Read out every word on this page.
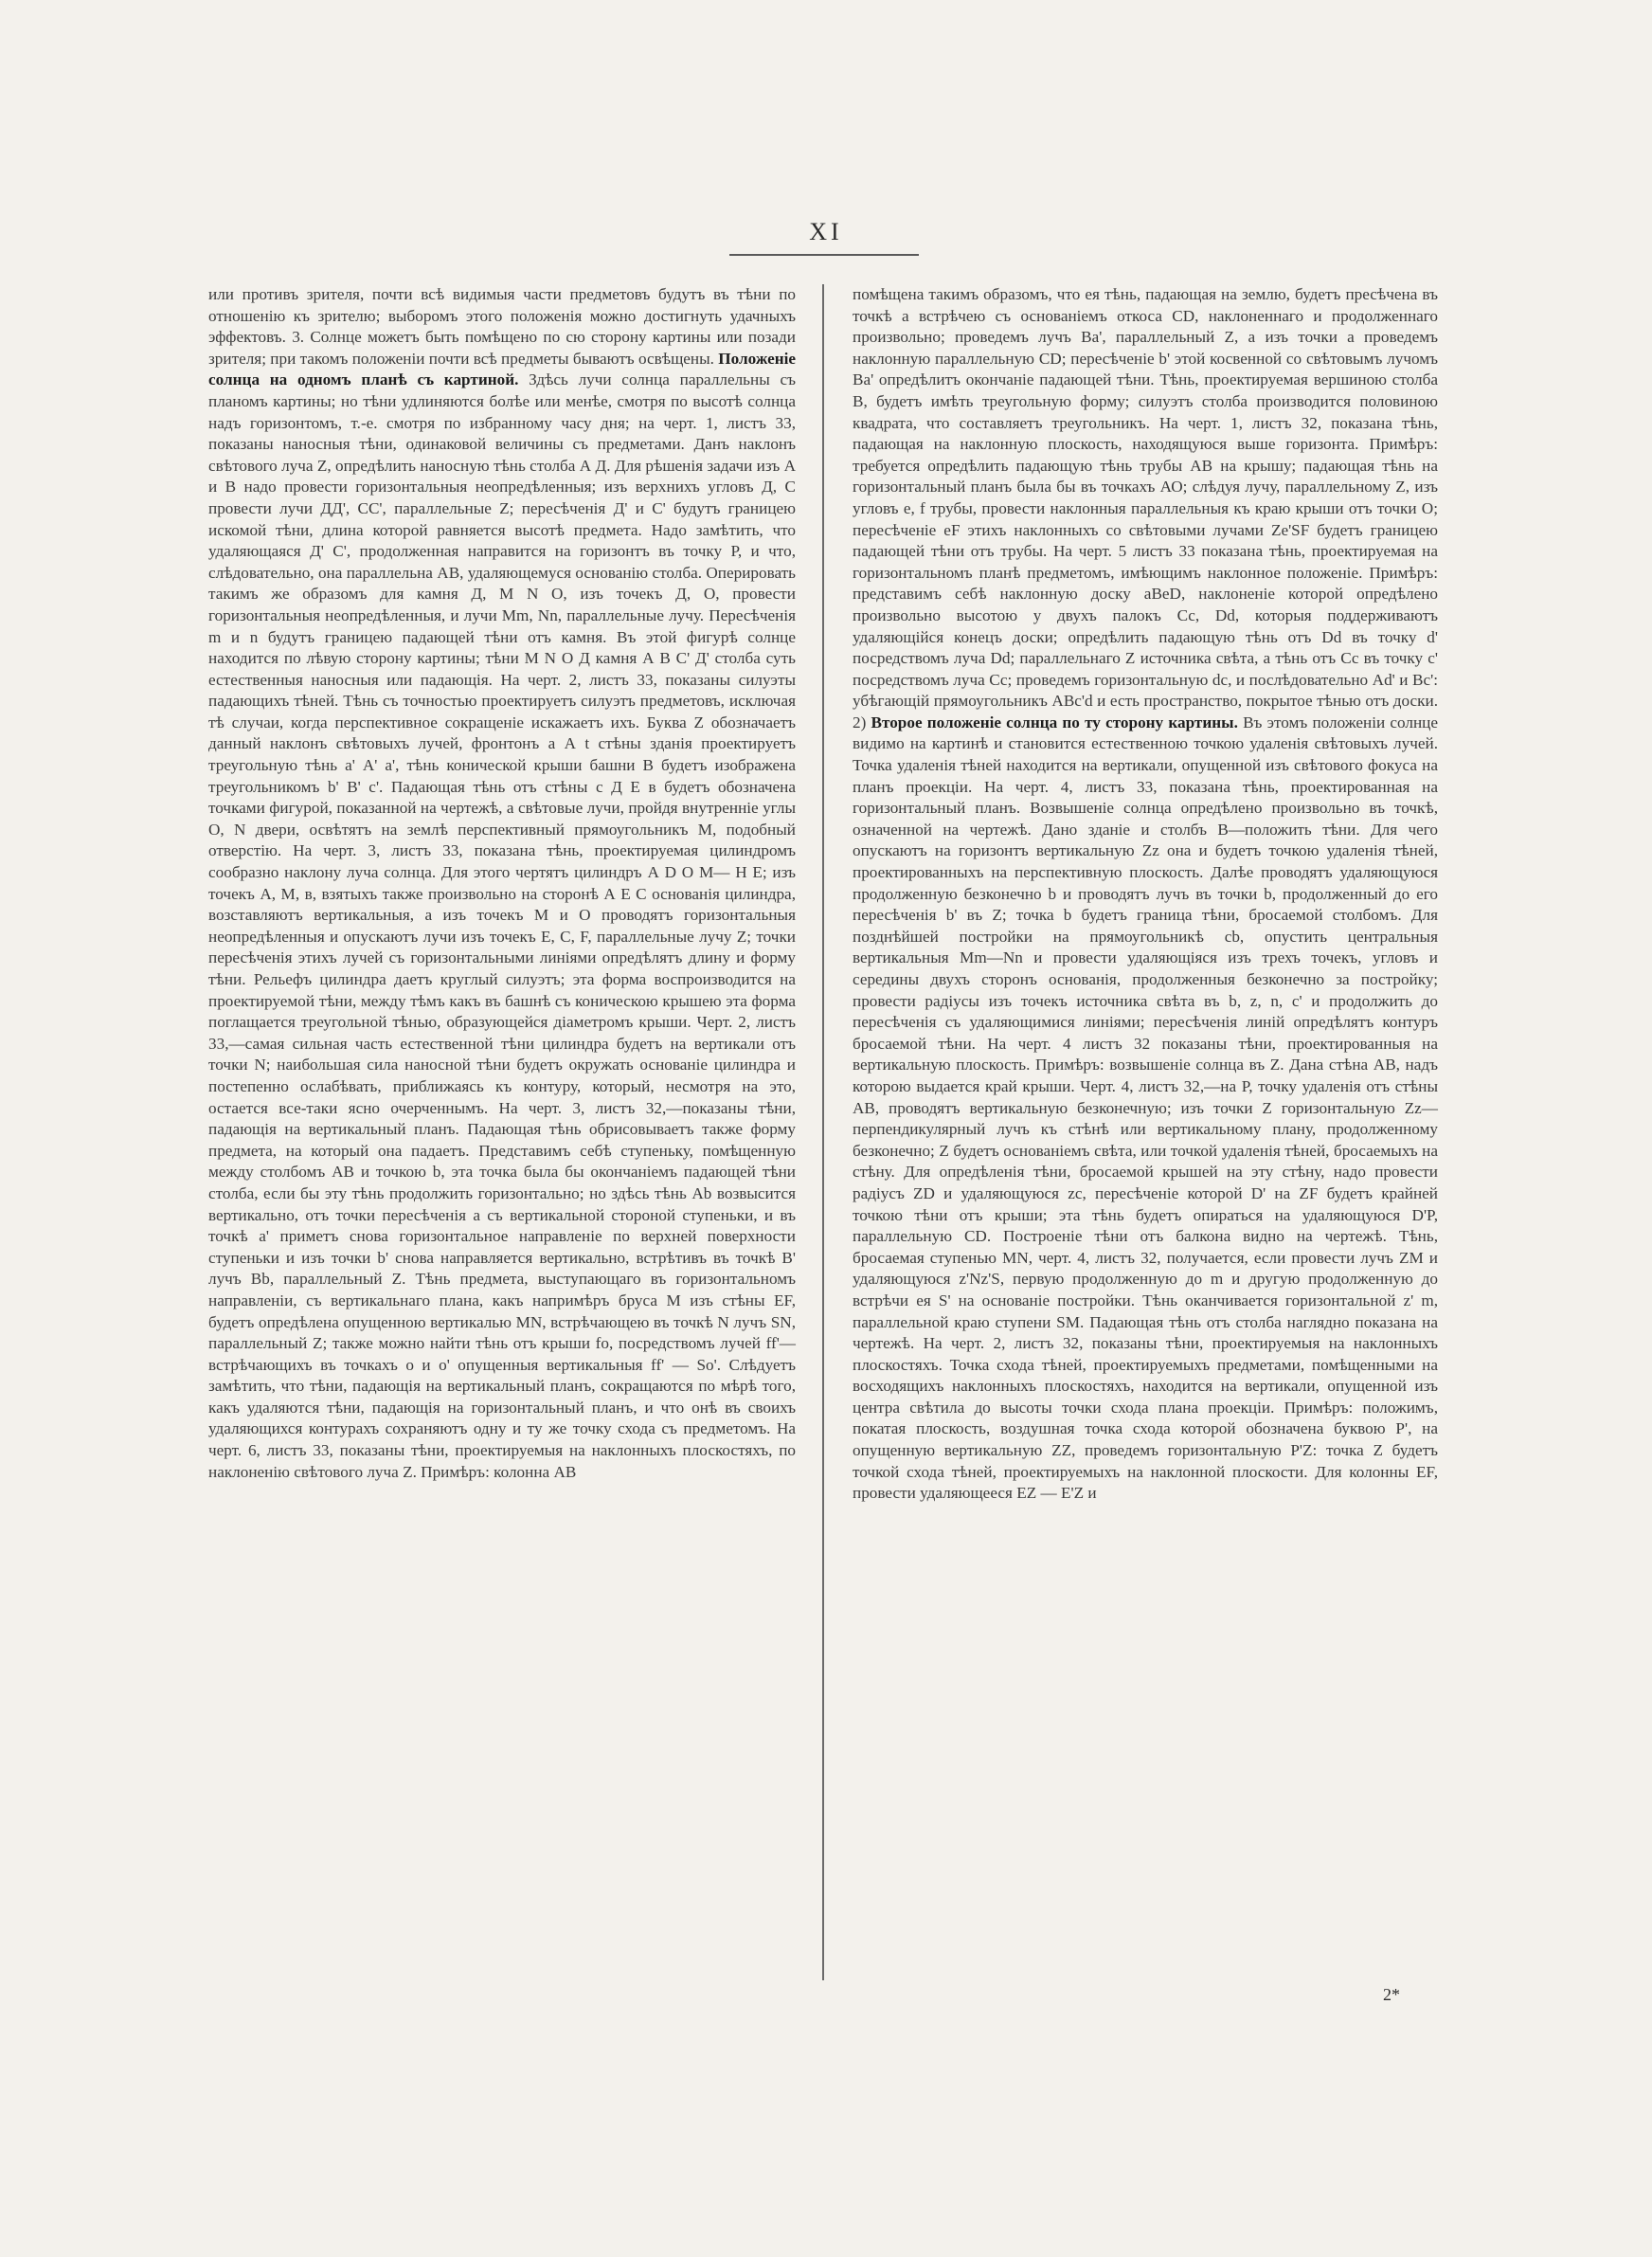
XI

или противъ зрителя, почти всѣ видимыя части предметовъ будутъ въ тѣни по отношенію къ зрителю; выборомъ этого положенія можно достигнуть удачныхъ эффектовъ. 3. Солнце можетъ быть помѣщено по сю сторону картины или позади зрителя; при такомъ положеніи почти всѣ предметы бываютъ освѣщены. Положеніе солнца на одномъ планѣ съ картиной. Здѣсь лучи солнца параллельны съ планомъ картины; но тѣни удлиняются болѣе или менѣе, смотря по высотѣ солнца надъ горизонтомъ, т.-е. смотря по избранному часу дня; на черт. 1, листъ 33, показаны наносныя тѣни, одинаковой величины съ предметами. Данъ наклонъ свѣтового луча Z, опредѣлить наносную тѣнь столба А Д. Для рѣшенія задачи изъ А и В надо провести горизонтальныя неопредѣленныя; изъ верхнихъ угловъ Д, С провести лучи ДД', СС', параллельные Z; пересѣченія Д' и С' будутъ границею искомой тѣни, длина которой равняется высотѣ предмета. Надо замѣтить, что удаляющаяся Д' С', продолженная направится на горизонтъ въ точку Р, и что, слѣдовательно, она параллельна АВ, удаляющемуся основанію столба. Оперировать такимъ же образомъ для камня Д, М N О, изъ точекъ Д, О, провести горизонтальныя неопредѣленныя, и лучи Mm, Nn, параллельные лучу. Пересѣченія m и n будутъ границею падающей тѣни отъ камня. Въ этой фигурѣ солнце находится по лѣвую сторону картины; тѣни M N O Д камня А В С' Д' столба суть естественныя наносныя или падающія. На черт. 2, листъ 33, показаны силуэты падающихъ тѣней. Тѣнь съ точностью проектируетъ силуэтъ предметовъ, исключая тѣ случаи, когда перспективное сокращеніе искажаетъ ихъ. Буква Z обозначаетъ данный наклонъ свѣтовыхъ лучей, фронтонъ а А t стѣны зданія проектируетъ треугольную тѣнь а' А' а', тѣнь конической крыши башни В будетъ изображена треугольникомъ b' В' с'. Падающая тѣнь отъ стѣны с Д Е в будетъ обозначена точками фигурой, показанной на чертежѣ, а свѣтовые лучи, пройдя внутренніе углы О, N двери, освѣтятъ на землѣ перспективный прямоугольникъ М, подобный отверстію. На черт. 3, листъ 33, показана тѣнь, проектируемая цилиндромъ сообразно наклону луча солнца. Для этого чертятъ цилиндръ А D О М— Н Е; изъ точекъ А, М, в, взятыхъ также произвольно на сторонѣ А Е С основанія цилиндра, возставляютъ вертикальныя, а изъ точекъ М и О проводятъ горизонтальныя неопредѣленныя и опускаютъ лучи изъ точекъ Е, С, F, параллельные лучу Z; точки пересѣченія этихъ лучей съ горизонтальными линіями опредѣлятъ длину и форму тѣни. Рельефъ цилиндра даетъ круглый силуэтъ; эта форма воспроизводится на проектируемой тѣни, между тѣмъ какъ въ башнѣ съ коническою крышею эта форма поглащается треугольной тѣнью, образующейся діаметромъ крыши. Черт. 2, листъ 33,—самая сильная часть естественной тѣни цилиндра будетъ на вертикали отъ точки N; наибольшая сила наносной тѣни будетъ окружать основаніе цилиндра и постепенно ослабѣвать, приближаясь къ контуру, который, несмотря на это, остается все-таки ясно очерченнымъ. На черт. 3, листъ 32,—показаны тѣни, падающія на вертикальный планъ. Падающая тѣнь обрисовываетъ также форму предмета, на который она падаетъ. Представимъ себѣ ступеньку, помѣщенную между столбомъ АВ и точкою b, эта точка была бы окончаніемъ падающей тѣни столба, если бы эту тѣнь продолжить горизонтально; но здѣсь тѣнь Ab возвысится вертикально, отъ точки пересѣченія а съ вертикальной стороной ступеньки, и въ точкѣ а' приметъ снова горизонтальное направленіе по верхней поверхности ступеньки и изъ точки b' снова направляется вертикально, встрѣтивъ въ точкѣ В' лучъ Bb, параллельный Z. Тѣнь предмета, выступающаго въ горизонтальномъ направленіи, съ вертикальнаго плана, какъ напримѣръ бруса М изъ стѣны ЕF, будетъ опредѣлена опущенною вертикалью MN, встрѣчающею въ точкѣ N лучъ SN, параллельный Z; также можно найти тѣнь отъ крыши fo, посредствомъ лучей ff'— встрѣчающихъ въ точкахъ о и о' опущенныя вертикальныя ff' — So'. Слѣдуетъ замѣтить, что тѣни, падающія на вертикальный планъ, сокращаются по мѣрѣ того, какъ удаляются тѣни, падающія на горизонтальный планъ, и что онѣ въ своихъ удаляющихся контурахъ сохраняютъ одну и ту же точку схода съ предметомъ. На черт. 6, листъ 33, показаны тѣни, проектируемыя на наклонныхъ плоскостяхъ, по наклоненію свѣтового луча Z. Примѣръ: колонна АВ

помѣщена такимъ образомъ, что ея тѣнь, падающая на землю, будетъ пресѣчена въ точкѣ а встрѣчею съ основаніемъ откоса СD, наклоненнаго и продолженнаго произвольно; проведемъ лучъ Ва', параллельный Z, а изъ точки а проведемъ наклонную параллельную СD; пересѣченіе b' этой косвенной со свѣтовымъ лучомъ Ва' опредѣлитъ окончаніе падающей тѣни. Тѣнь, проектируемая вершиною столба В, будетъ имѣть треугольную форму; силуэтъ столба производится половиною квадрата, что составляетъ треугольникъ. На черт. 1, листъ 32, показана тѣнь, падающая на наклонную плоскость, находящуюся выше горизонта. Примѣръ: требуется опредѣлить падающую тѣнь трубы АВ на крышу; падающая тѣнь на горизонтальный планъ была бы въ точкахъ АО; слѣдуя лучу, параллельному Z, изъ угловъ е, f трубы, провести наклонныя параллельныя къ краю крыши отъ точки О; пересѣченіе еF этихъ наклонныхъ со свѣтовыми лучами Ze'SF будетъ границею падающей тѣни отъ трубы. На черт. 5 листъ 33 показана тѣнь, проектируемая на горизонтальномъ планѣ предметомъ, имѣющимъ наклонное положеніе. Примѣръ: представимъ себѣ наклонную доску аВеD, наклоненіе которой опредѣлено произвольно высотою у двухъ палокъ Сс, Dd, которыя поддерживаютъ удаляющійся конецъ доски; опредѣлить падающую тѣнь отъ Dd въ точку d' посредствомъ луча Dd; параллельнаго Z источника свѣта, а тѣнь отъ Сс въ точку с' посредствомъ луча Сс; проведемъ горизонтальную dc, и послѣдовательно Ad' и Вс': убѣгающій прямоугольникъ АВс'd и есть пространство, покрытое тѣнью отъ доски. 2) Второе положеніе солнца по ту сторону картины. Въ этомъ положеніи солнце видимо на картинѣ и становится естественною точкою удаленія свѣтовыхъ лучей. Точка удаленія тѣней находится на вертикали, опущенной изъ свѣтового фокуса на планъ проекціи. На черт. 4, листъ 33, показана тѣнь, проектированная на горизонтальный планъ. Возвышеніе солнца опредѣлено произвольно въ точкѣ, означенной на чертежѣ. Дано зданіе и столбъ В—положить тѣни. Для чего опускаютъ на горизонтъ вертикальную Zz она и будетъ точкою удаленія тѣней, проектированныхъ на перспективную плоскость. Далѣе проводятъ удаляющуюся продолженную безконечно b и проводятъ лучъ въ точки b, продолженный до его пересѣченія b' въ Z; точка b будетъ граница тѣни, бросаемой столбомъ. Для позднѣйшей постройки на прямоугольникѣ cb, опустить центральныя вертикальныя Mm—Nn и провести удаляющіяся изъ трехъ точекъ, угловъ и середины двухъ сторонъ основанія, продолженныя безконечно за постройку; провести радіусы изъ точекъ источника свѣта въ b, z, n, c' и продолжить до пересѣченія съ удаляющимися линіями; пересѣченія линій опредѣлятъ контуръ бросаемой тѣни. На черт. 4 листъ 32 показаны тѣни, проектированныя на вертикальную плоскость. Примѣръ: возвышеніе солнца въ Z. Дана стѣна АВ, надъ которою выдается край крыши. Черт. 4, листъ 32,—на Р, точку удаленія отъ стѣны АВ, проводятъ вертикальную безконечную; изъ точки Z горизонтальную Zz—перпендикулярный лучъ къ стѣнѣ или вертикальному плану, продолженному безконечно; Z будетъ основаніемъ свѣта, или точкой удаленія тѣней, бросаемыхъ на стѣну. Для опредѣленія тѣни, бросаемой крышей на эту стѣну, надо провести радіусъ ZD и удаляющуюся zc, пересѣченіе которой D' на ZF будетъ крайней точкою тѣни отъ крыши; эта тѣнь будетъ опираться на удаляющуюся D'P, параллельную CD. Построеніе тѣни отъ балкона видно на чертежѣ. Тѣнь, бросаемая ступенью MN, черт. 4, листъ 32, получается, если провести лучъ ZM и удаляющуюся z'Nz'S, первую продолженную до m и другую продолженную до встрѣчи ея S' на основаніе постройки. Тѣнь оканчивается горизонтальной z' m, параллельной краю ступени SM. Падающая тѣнь отъ столба наглядно показана на чертежѣ. На черт. 2, листъ 32, показаны тѣни, проектируемыя на наклонныхъ плоскостяхъ. Точка схода тѣней, проектируемыхъ предметами, помѣщенными на восходящихъ наклонныхъ плоскостяхъ, находится на вертикали, опущенной изъ центра свѣтила до высоты точки схода плана проекціи. Примѣръ: положимъ, покатая плоскость, воздушная точка схода которой обозначена буквою Р', на опущенную вертикальную ZZ, проведемъ горизонтальную P'Z: точка Z будетъ точкой схода тѣней, проектируемыхъ на наклонной плоскости. Для колонны ЕF, провести удаляющееся EZ — E'Z и

2*
